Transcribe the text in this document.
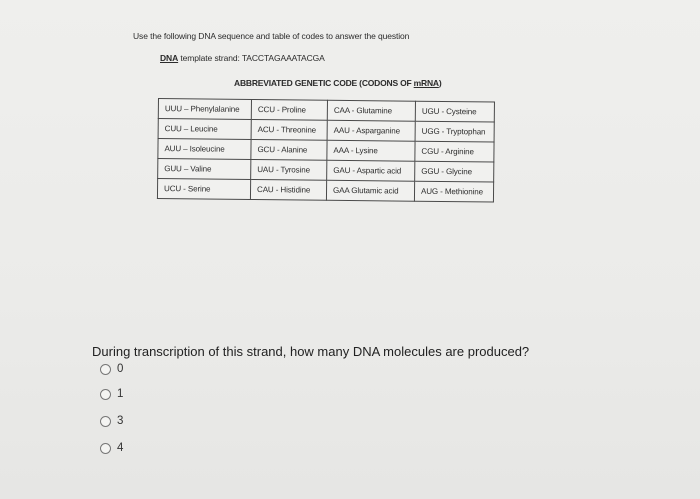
Use the following DNA sequence and table of codes to answer the question
DNA template strand: TACCTAGAAATACGA
ABBREVIATED GENETIC CODE (CODONS OF mRNA)
UUU – Phenylalanine	CCU - Proline	CAA - Glutamine	UGU - Cysteine
CUU – Leucine	ACU - Threonine	AAU - Asparganine	UGG - Tryptophan
AUU – Isoleucine	GCU - Alanine	AAA - Lysine	CGU - Arginine
GUU – Valine	UAU - Tyrosine	GAU - Aspartic acid	GGU - Glycine
UCU - Serine	CAU - Histidine	GAA Glutamic acid	AUG - Methionine
During transcription of this strand, how many DNA molecules are produced?
0
1
3
4
